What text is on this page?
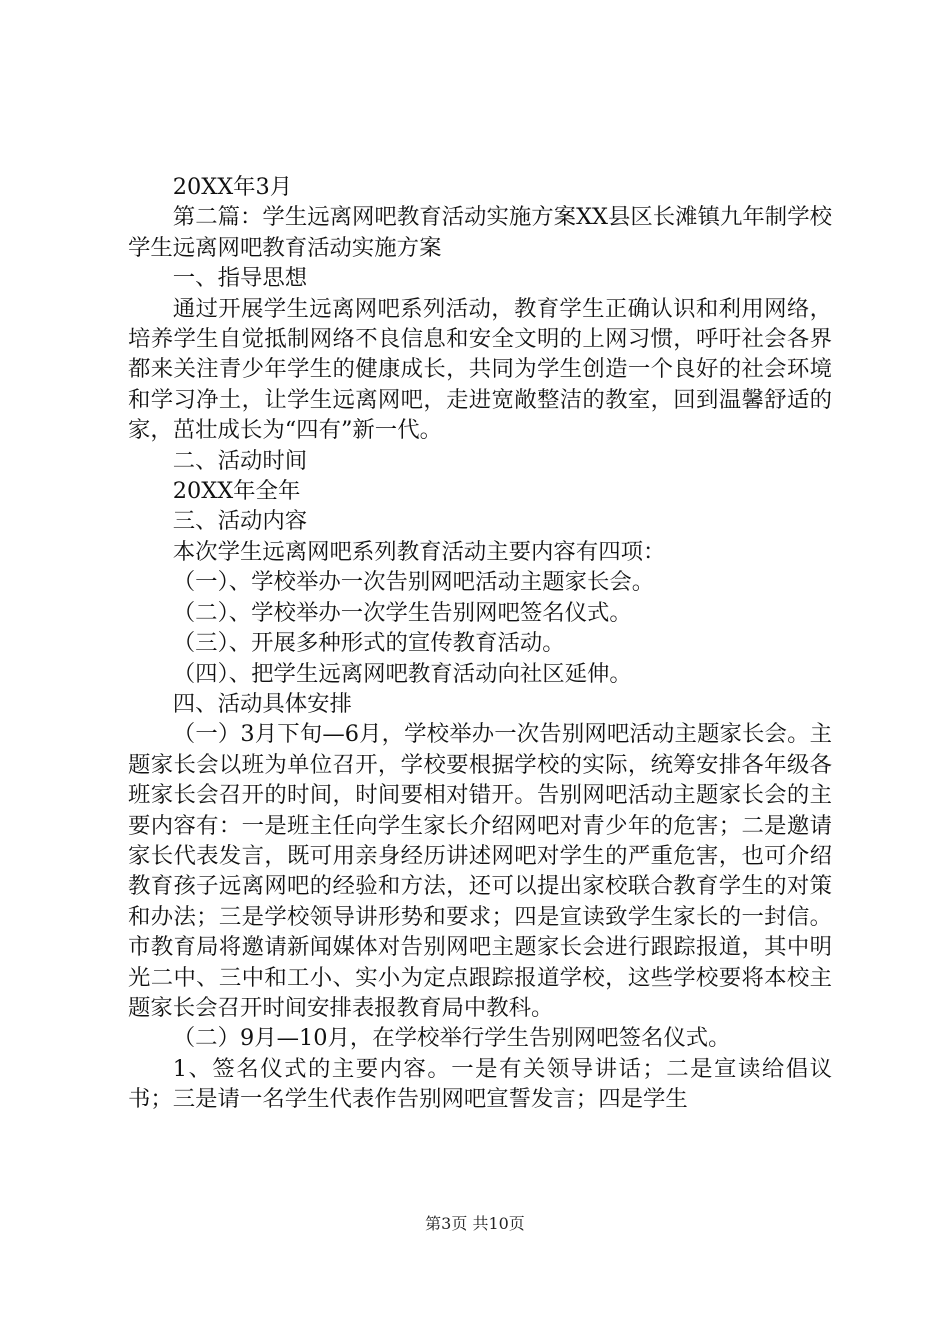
20XX年3月

第二篇：学生远离网吧教育活动实施方案XX县区长滩镇九年制学校学生远离网吧教育活动实施方案

一、指导思想

通过开展学生远离网吧系列活动，教育学生正确认识和利用网络，培养学生自觉抵制网络不良信息和安全文明的上网习惯，呼吁社会各界都来关注青少年学生的健康成长，共同为学生创造一个良好的社会环境和学习净土，让学生远离网吧，走进宽敞整洁的教室，回到温馨舒适的家，茁壮成长为“四有”新一代。

二、活动时间

20XX年全年

三、活动内容

本次学生远离网吧系列教育活动主要内容有四项：

（一）、学校举办一次告别网吧活动主题家长会。

（二）、学校举办一次学生告别网吧签名仪式。

（三）、开展多种形式的宣传教育活动。

（四）、把学生远离网吧教育活动向社区延伸。

四、活动具体安排

（一）3月下旬—6月，学校举办一次告别网吧活动主题家长会。主题家长会以班为单位召开，学校要根据学校的实际，统筹安排各年级各班家长会召开的时间，时间要相对错开。告别网吧活动主题家长会的主要内容有：一是班主任向学生家长介绍网吧对青少年的危害；二是邀请家长代表发言，既可用亲身经历讲述网吧对学生的严重危害，也可介绍教育孩子远离网吧的经验和方法，还可以提出家校联合教育学生的对策和办法；三是学校领导讲形势和要求；四是宣读致学生家长的一封信。市教育局将邀请新闻媒体对告别网吧主题家长会进行跟踪报道，其中明光二中、三中和工小、实小为定点跟踪报道学校，这些学校要将本校主题家长会召开时间安排表报教育局中教科。

（二）9月—10月，在学校举行学生告别网吧签名仪式。

1、签名仪式的主要内容。一是有关领导讲话；二是宣读给倡议书；三是请一名学生代表作告别网吧宣誓发言；四是学生

第3页 共10页
